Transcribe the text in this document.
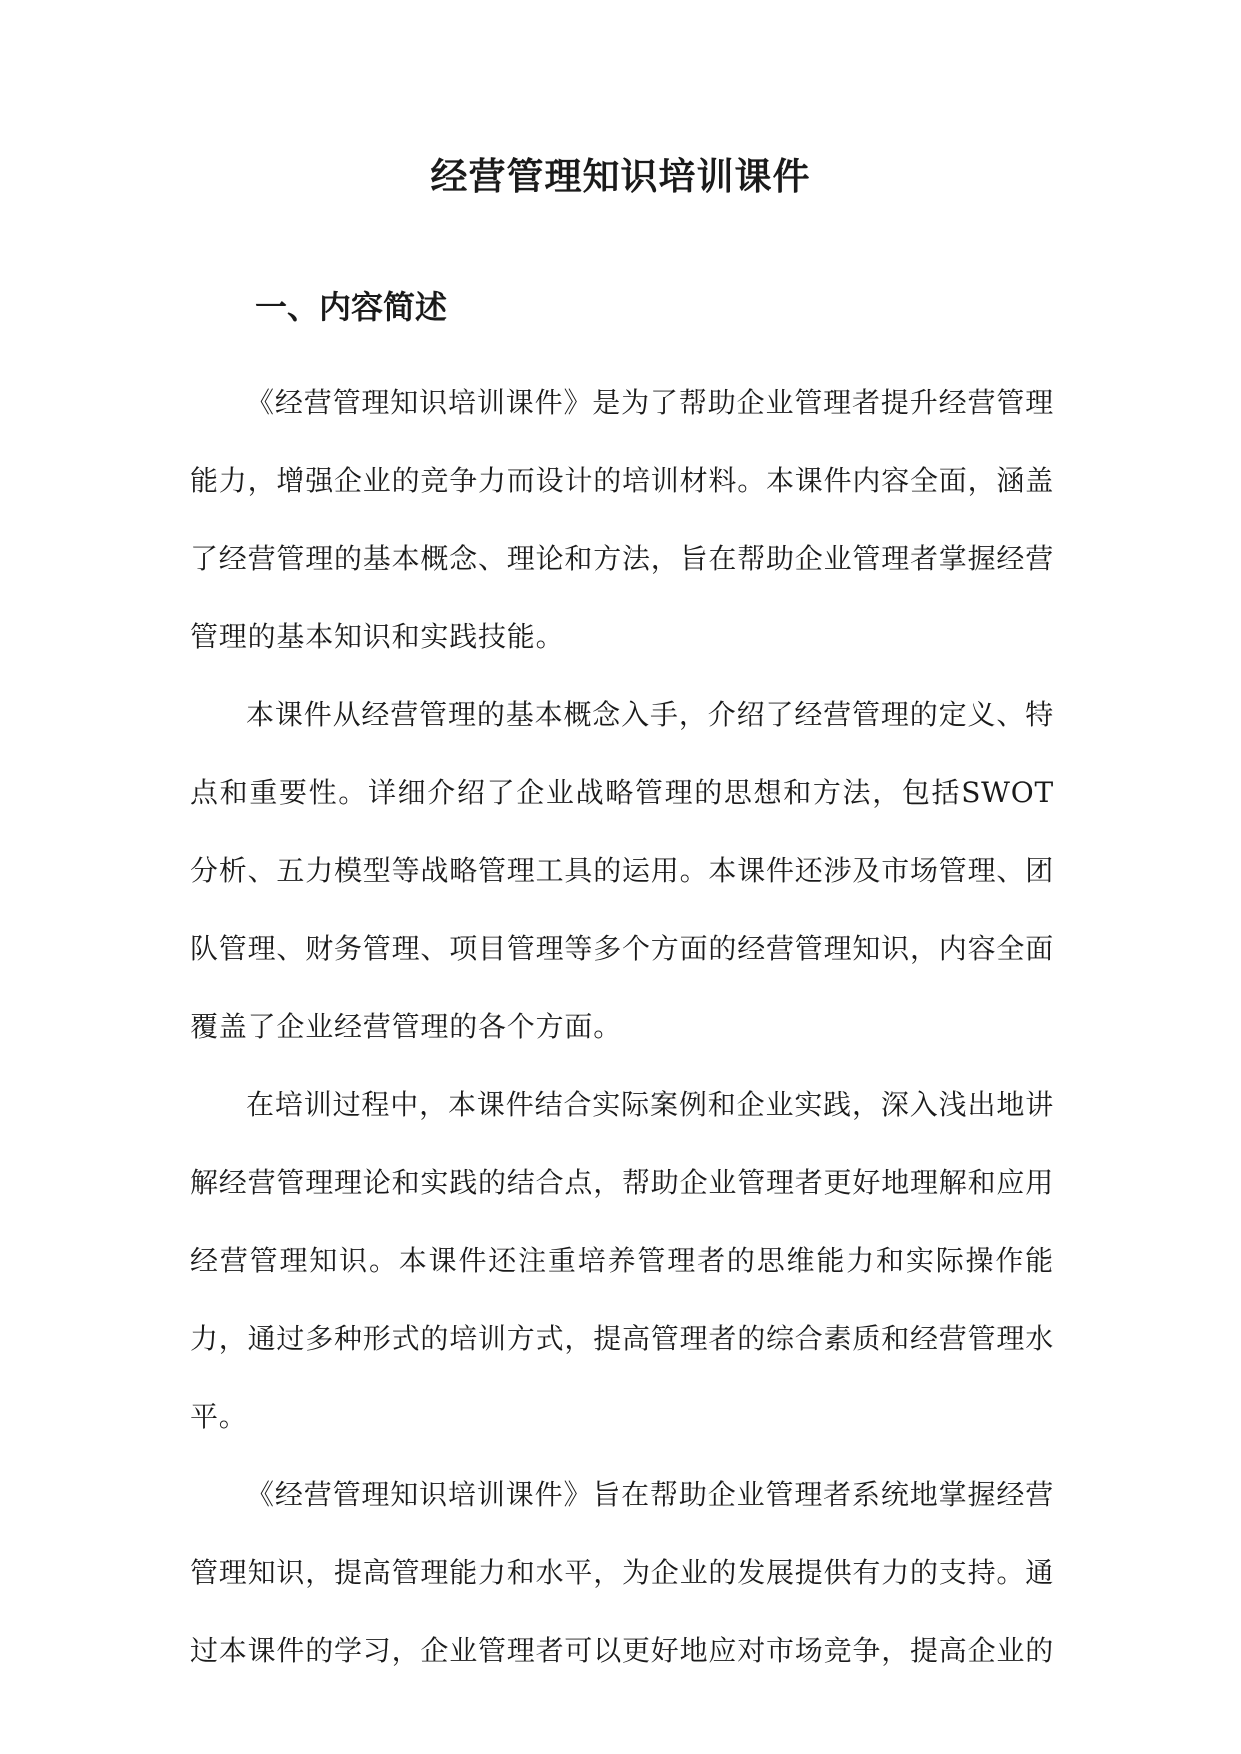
经营管理知识培训课件
一、内容简述

《经营管理知识培训课件》是为了帮助企业管理者提升经营管理能力，增强企业的竞争力而设计的培训材料。本课件内容全面，涵盖了经营管理的基本概念、理论和方法，旨在帮助企业管理者掌握经营管理的基本知识和实践技能。

本课件从经营管理的基本概念入手，介绍了经营管理的定义、特点和重要性。详细介绍了企业战略管理的思想和方法，包括SWOT分析、五力模型等战略管理工具的运用。本课件还涉及市场管理、团队管理、财务管理、项目管理等多个方面的经营管理知识，内容全面覆盖了企业经营管理的各个方面。

在培训过程中，本课件结合实际案例和企业实践，深入浅出地讲解经营管理理论和实践的结合点，帮助企业管理者更好地理解和应用经营管理知识。本课件还注重培养管理者的思维能力和实际操作能力，通过多种形式的培训方式，提高管理者的综合素质和经营管理水平。

《经营管理知识培训课件》旨在帮助企业管理者系统地掌握经营管理知识，提高管理能力和水平，为企业的发展提供有力的支持。通过本课件的学习，企业管理者可以更好地应对市场竞争，提高企业的
